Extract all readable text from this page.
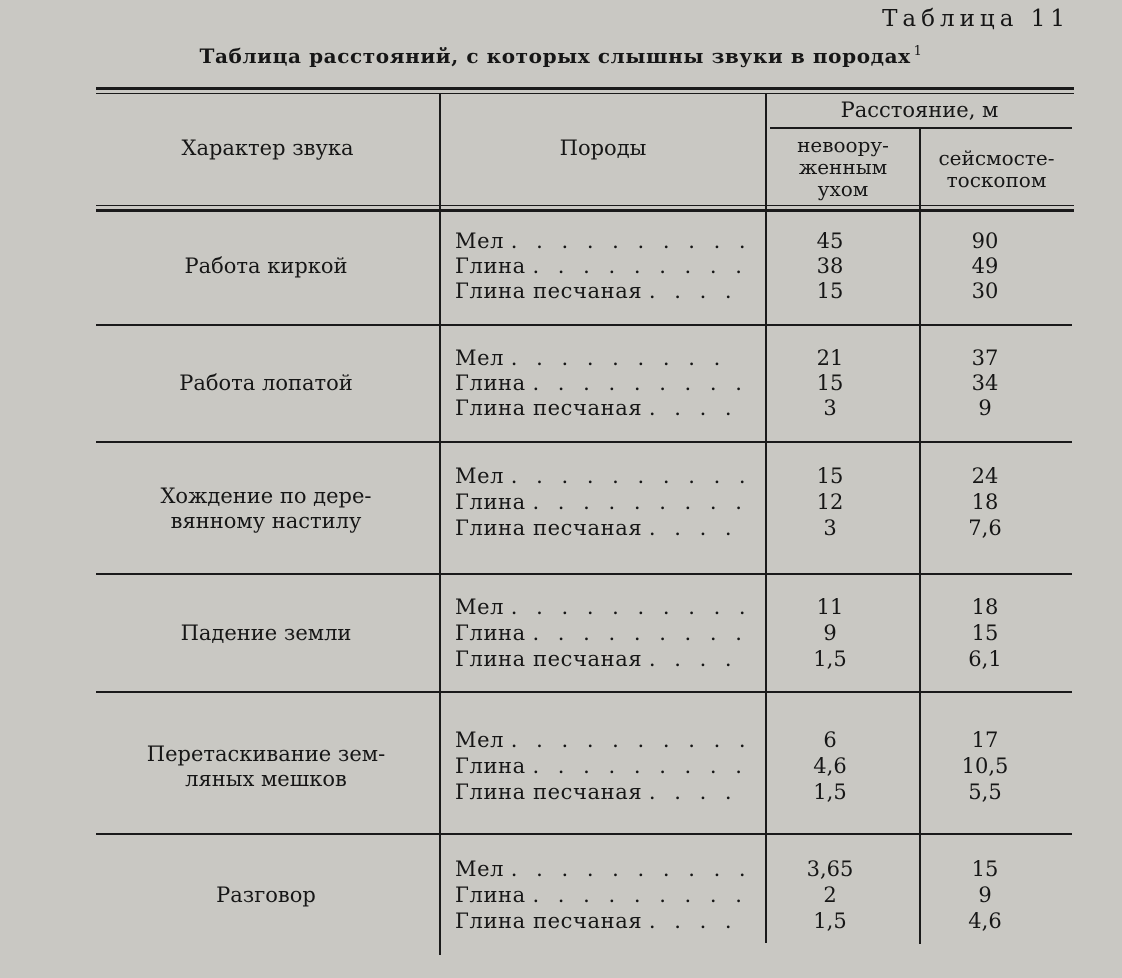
Таблица 11
Таблица расстояний, с которых слышны звуки в породах $^1$
Характер звука	Породы
Расстояние, м
невоору-
женным
ухом
сейсмосте-
тоскопом
Работа киркой
Мел . . . . . . . . . .
Глина . . . . . . . . .
Глина песчаная . . . .
45
38
15
90
49
30
Работа лопатой
Мел . . . . . . . . .
Глина . . . . . . . . .
Глина песчаная . . . .
21
15
3
37
34
9
Хождение по дере-
вянному настилу
Мел . . . . . . . . . .
Глина . . . . . . . . .
Глина песчаная . . . .
15
12
3
24
18
7,6
Падение земли
Мел . . . . . . . . . .
Глина . . . . . . . . .
Глина песчаная . . . .
11
9
1,5
18
15
6,1
Перетаскивание зем-
ляных мешков
Мел . . . . . . . . . .
Глина . . . . . . . . .
Глина песчаная . . . .
6
4,6
1,5
17
10,5
5,5
Разговор
Мел . . . . . . . . . .
Глина . . . . . . . . .
Глина песчаная . . . .
3,65
2
1,5
15
9
4,6
